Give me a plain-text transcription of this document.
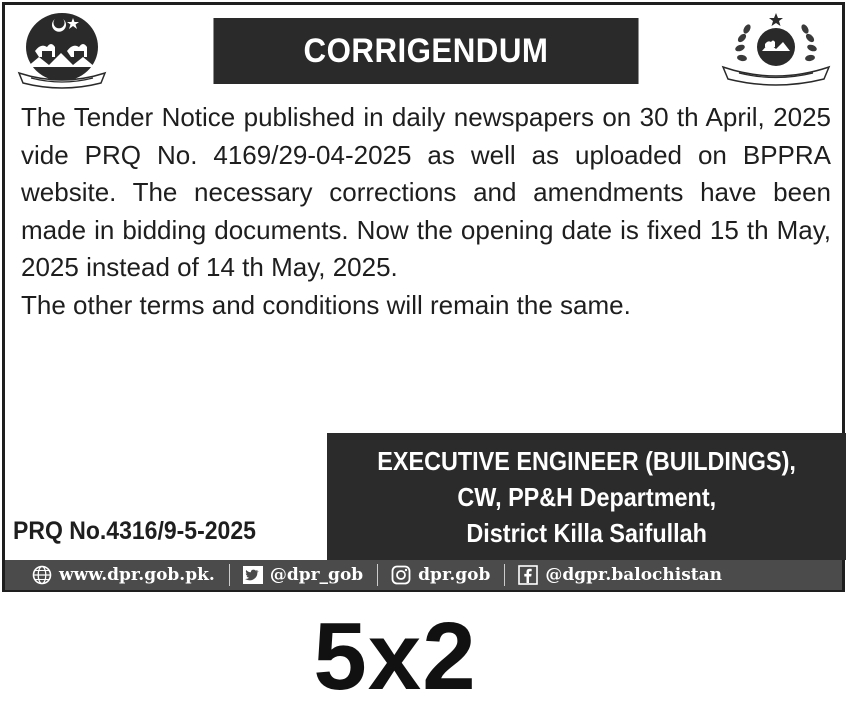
CORRIGENDUM

The Tender Notice published in daily newspapers on 30 th April, 2025 vide PRQ No. 4169/29-04-2025 as well as uploaded on BPPRA website. The necessary corrections and amendments have been made in bidding documents. Now the opening date is fixed 15 th May, 2025 instead of 14 th May, 2025.

The other terms and conditions will remain the same.

EXECUTIVE ENGINEER (BUILDINGS),
CW, PP&H Department,
District Killa Saifullah
PRQ No.4316/9-5-2025
www.dpr.gob.pk.	@dpr_gob	dpr.gob	@dgpr.balochistan
5x2
